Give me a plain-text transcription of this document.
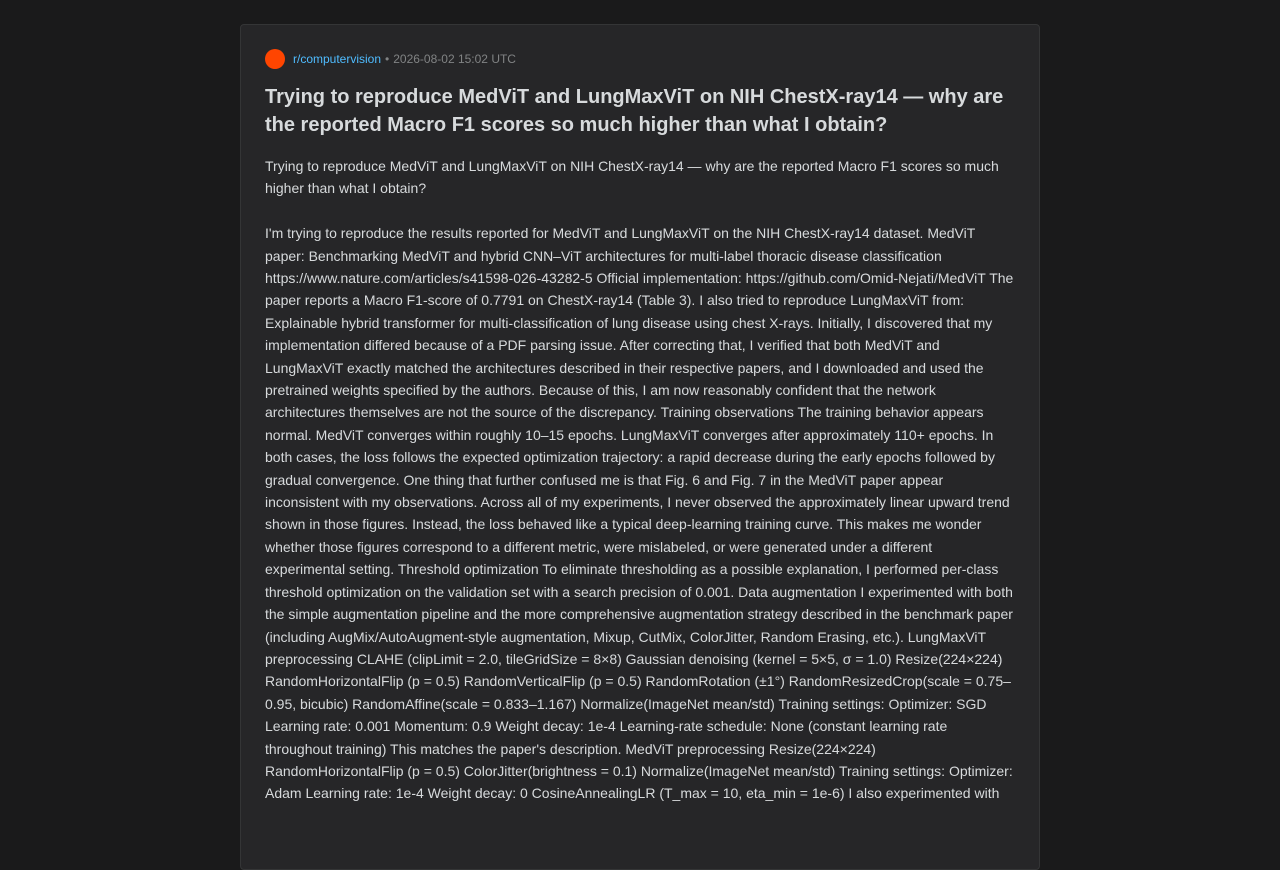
r/computervision • 2026-08-02 15:02 UTC
Trying to reproduce MedViT and LungMaxViT on NIH ChestX-ray14 — why are the reported Macro F1 scores so much higher than what I obtain?

Trying to reproduce MedViT and LungMaxViT on NIH ChestX-ray14 — why are the reported Macro F1 scores so much higher than what I obtain?

I'm trying to reproduce the results reported for MedViT and LungMaxViT on the NIH ChestX-ray14 dataset. MedViT paper: Benchmarking MedViT and hybrid CNN–ViT architectures for multi-label thoracic disease classification https://www.nature.com/articles/s41598-026-43282-5 Official implementation: https://github.com/Omid-Nejati/MedViT The paper reports a Macro F1-score of 0.7791 on ChestX-ray14 (Table 3). I also tried to reproduce LungMaxViT from: Explainable hybrid transformer for multi-classification of lung disease using chest X-rays. Initially, I discovered that my implementation differed because of a PDF parsing issue. After correcting that, I verified that both MedViT and LungMaxViT exactly matched the architectures described in their respective papers, and I downloaded and used the pretrained weights specified by the authors. Because of this, I am now reasonably confident that the network architectures themselves are not the source of the discrepancy. Training observations The training behavior appears normal. MedViT converges within roughly 10–15 epochs. LungMaxViT converges after approximately 110+ epochs. In both cases, the loss follows the expected optimization trajectory: a rapid decrease during the early epochs followed by gradual convergence. One thing that further confused me is that Fig. 6 and Fig. 7 in the MedViT paper appear inconsistent with my observations. Across all of my experiments, I never observed the approximately linear upward trend shown in those figures. Instead, the loss behaved like a typical deep-learning training curve. This makes me wonder whether those figures correspond to a different metric, were mislabeled, or were generated under a different experimental setting. Threshold optimization To eliminate thresholding as a possible explanation, I performed per-class threshold optimization on the validation set with a search precision of 0.001. Data augmentation I experimented with both the simple augmentation pipeline and the more comprehensive augmentation strategy described in the benchmark paper (including AugMix/AutoAugment-style augmentation, Mixup, CutMix, ColorJitter, Random Erasing, etc.). LungMaxViT preprocessing CLAHE (clipLimit = 2.0, tileGridSize = 8×8) Gaussian denoising (kernel = 5×5, σ = 1.0) Resize(224×224) RandomHorizontalFlip (p = 0.5) RandomVerticalFlip (p = 0.5) RandomRotation (±1°) RandomResizedCrop(scale = 0.75–0.95, bicubic) RandomAffine(scale = 0.833–1.167) Normalize(ImageNet mean/std) Training settings: Optimizer: SGD Learning rate: 0.001 Momentum: 0.9 Weight decay: 1e-4 Learning-rate schedule: None (constant learning rate throughout training) This matches the paper's description. MedViT preprocessing Resize(224×224) RandomHorizontalFlip (p = 0.5) ColorJitter(brightness = 0.1) Normalize(ImageNet mean/std) Training settings: Optimizer: Adam Learning rate: 1e-4 Weight decay: 0 CosineAnnealingLR (T_max = 10, eta_min = 1e-6) I also experimented with
